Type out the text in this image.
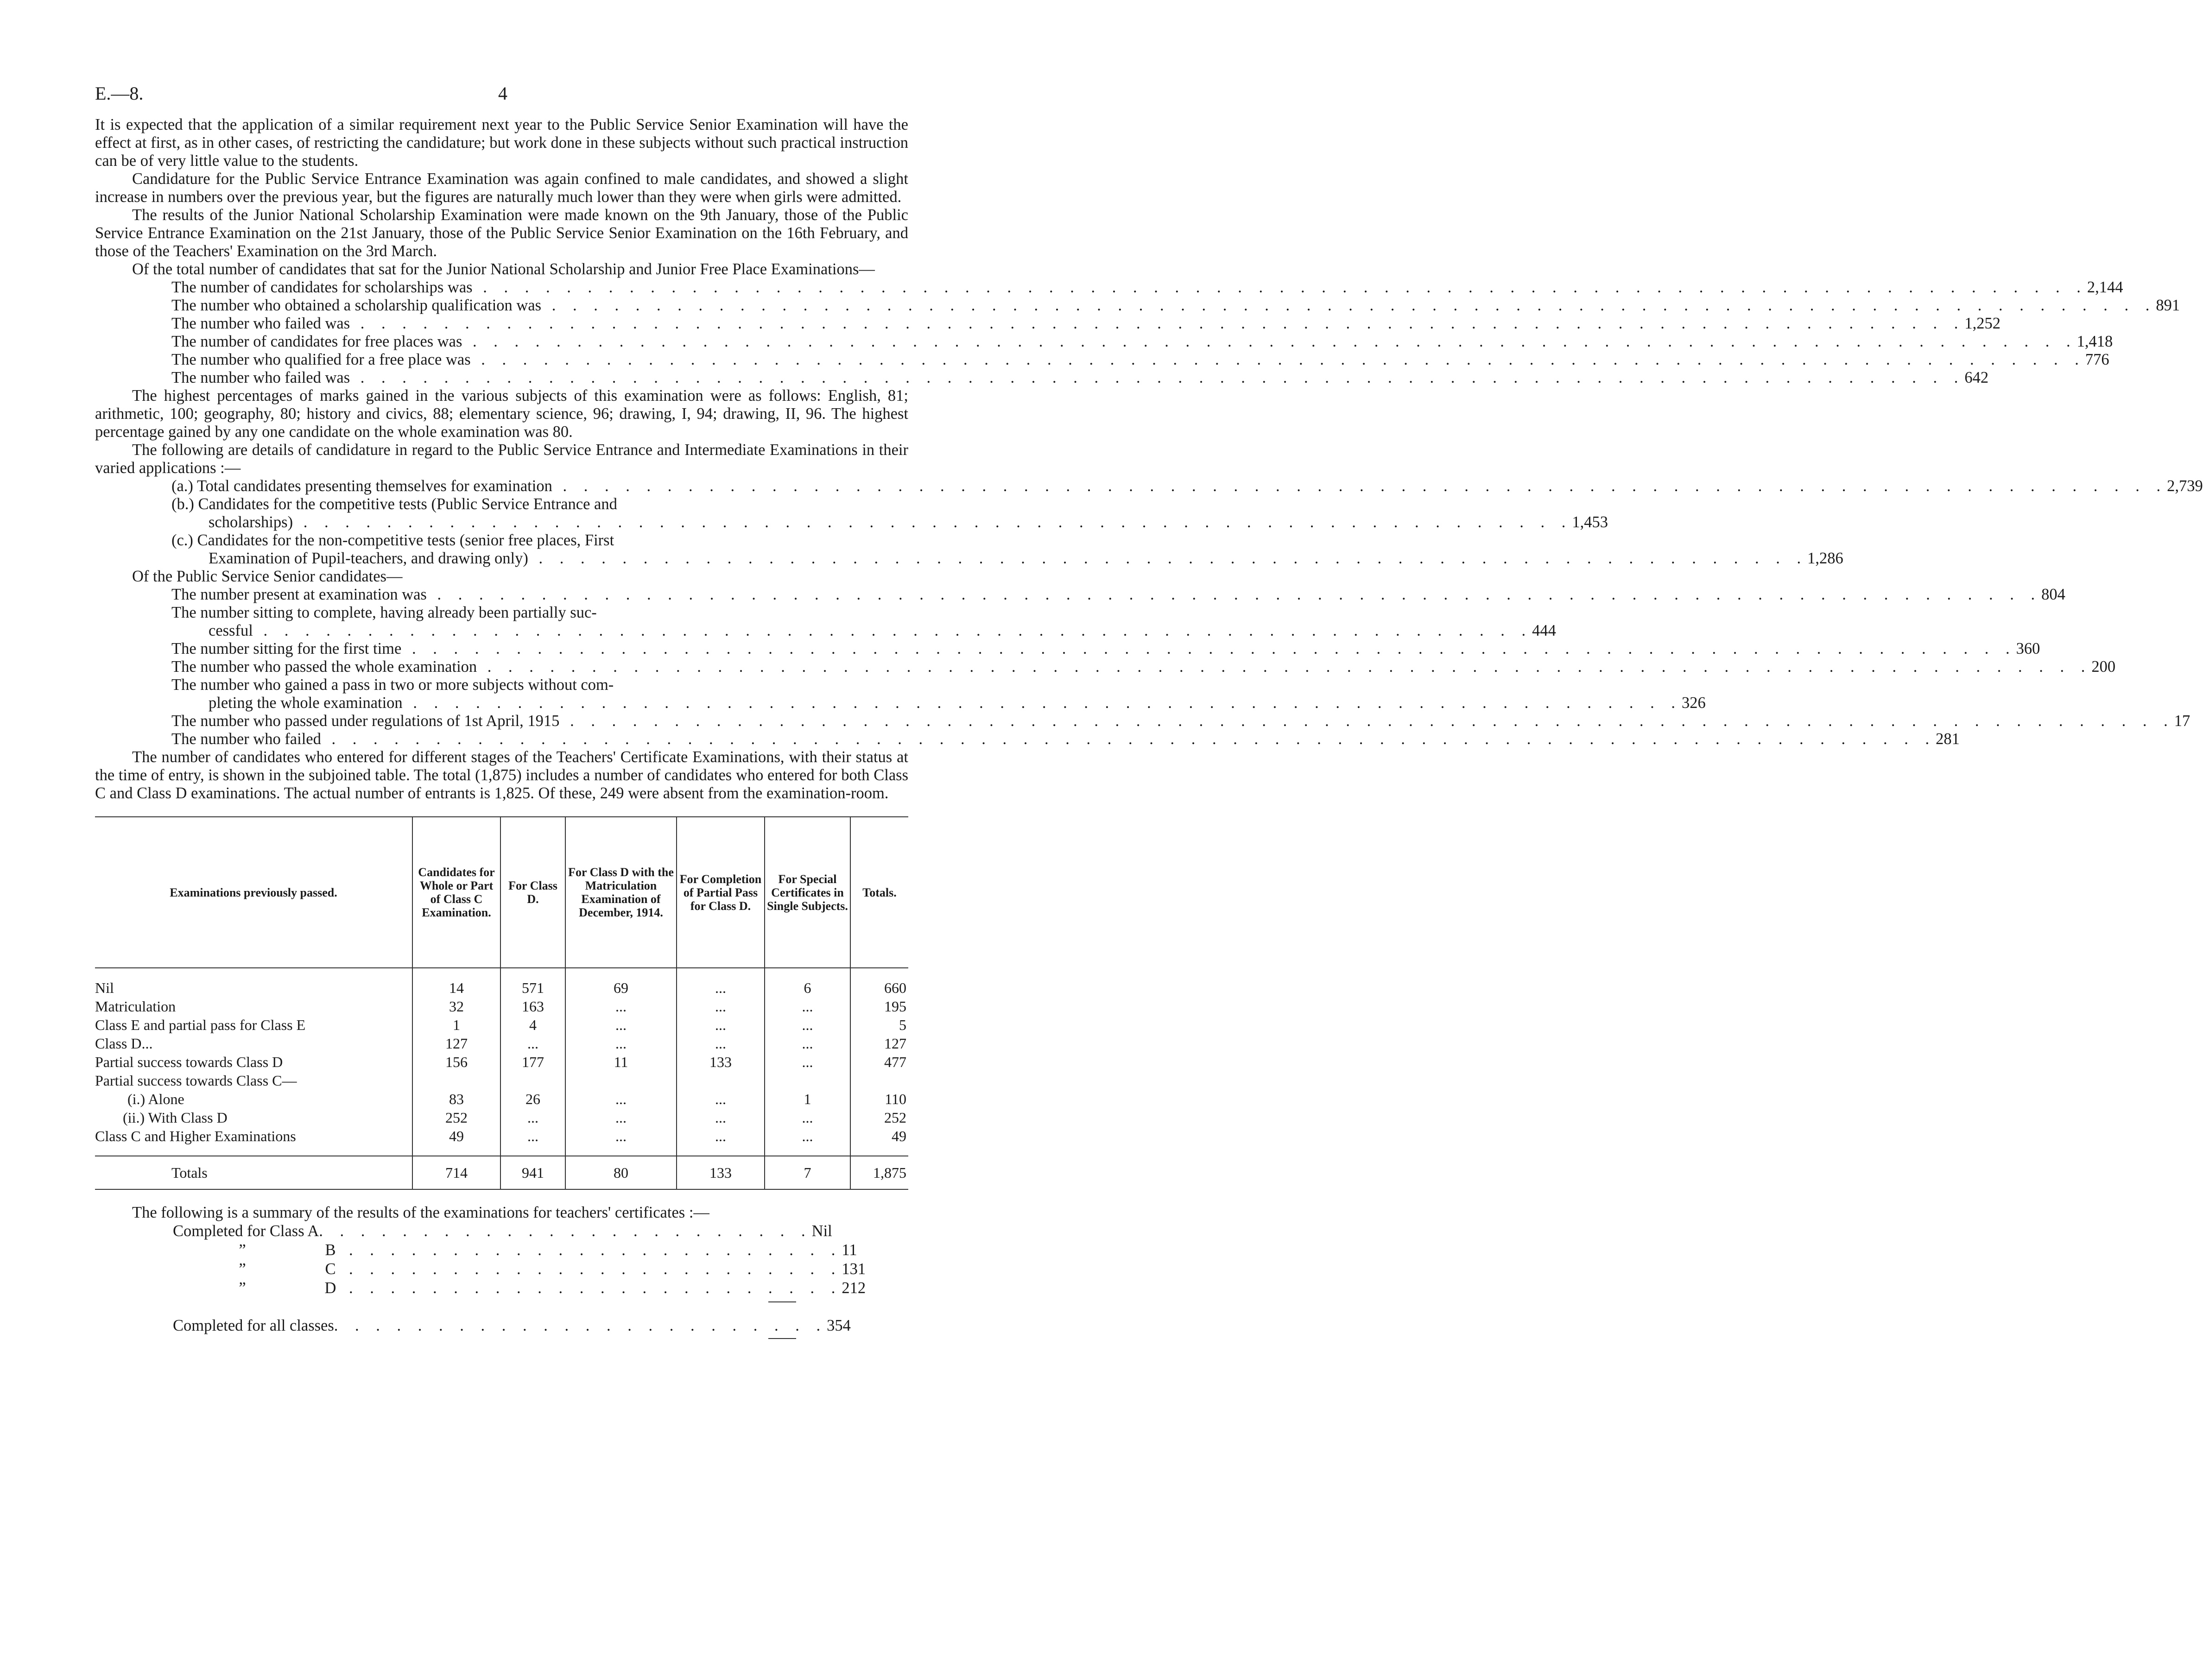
E.—8.	4

It is expected that the application of a similar requirement next year to the Public Service Senior Examination will have the effect at first, as in other cases, of restricting the candidature; but work done in these subjects without such practical instruction can be of very little value to the students.

Candidature for the Public Service Entrance Examination was again confined to male candidates, and showed a slight increase in numbers over the previous year, but the figures are naturally much lower than they were when girls were admitted.

The results of the Junior National Scholarship Examination were made known on the 9th January, those of the Public Service Entrance Examination on the 21st January, those of the Public Service Senior Examination on the 16th February, and those of the Teachers' Examination on the 3rd March.

Of the total number of candidates that sat for the Junior National Scholarship and Junior Free Place Examinations—

The number of candidates for scholarships was . . .	2,144
The number who obtained a scholarship qualification was . . .	891
The number who failed was . . .	1,252
The number of candidates for free places was . . .	1,418
The number who qualified for a free place was . . .	776
The number who failed was . . .	642

The highest percentages of marks gained in the various subjects of this examination were as follows: English, 81; arithmetic, 100; geography, 80; history and civics, 88; elementary science, 96; drawing, I, 94; drawing, II, 96. The highest percentage gained by any one candidate on the whole examination was 80.

The following are details of candidature in regard to the Public Service Entrance and Intermediate Examinations in their varied applications :—

(a.) Total candidates presenting themselves for examination . . .	2,739
(b.) Candidates for the competitive tests (Public Service Entrance and
scholarships) . . .	1,453
(c.) Candidates for the non-competitive tests (senior free places, First
Examination of Pupil-teachers, and drawing only) . . .	1,286

Of the Public Service Senior candidates—

The number present at examination was . . .	804
The number sitting to complete, having already been partially suc-
cessful . . .	444
The number sitting for the first time . . .	360
The number who passed the whole examination . . .	200
The number who gained a pass in two or more subjects without com-
pleting the whole examination . . .	326
The number who passed under regulations of 1st April, 1915 . . .	17
The number who failed . . .	281

The number of candidates who entered for different stages of the Teachers' Certificate Examinations, with their status at the time of entry, is shown in the subjoined table. The total (1,875) includes a number of candidates who entered for both Class C and Class D examinations. The actual number of entrants is 1,825. Of these, 249 were absent from the examination-room.

Examinations previously passed.	Candidates for Whole or Part of Class C Examination.	For Class D.	For Class D with the Matriculation Examination of December, 1914.	For Completion of Partial Pass for Class D.	For Special Certificates in Single Subjects.	Totals.

Nil	14	571	69	...	6	660
Matriculation	32	163	...	...	...	195
Class E and partial pass for Class E	1	4	...	...	...	5
Class D...	127	...	...	...	...	127
Partial success towards Class D	156	177	11	133	...	477
Partial success towards Class C—						
(i.) Alone	83	26	...	...	1	110
(ii.) With Class D	252	...	...	...	...	252
Class C and Higher Examinations	49	...	...	...	...	49

Totals	714	941	80	133	7	1,875

The following is a summary of the results of the examinations for teachers' certificates :—

Completed for Class A . . . . . . . . . . . . . . . . . . . . . . . . Nil
”	B . . . . . . . . . . . . . . . . . . . . . . . . 11
”	C . . . . . . . . . . . . . . . . . . . . . . . . 131
”	D . . . . . . . . . . . . . . . . . . . . . . . . 212
Completed for all classes . . . . . . . . . . . . . . . . . . . . . . . . 354
